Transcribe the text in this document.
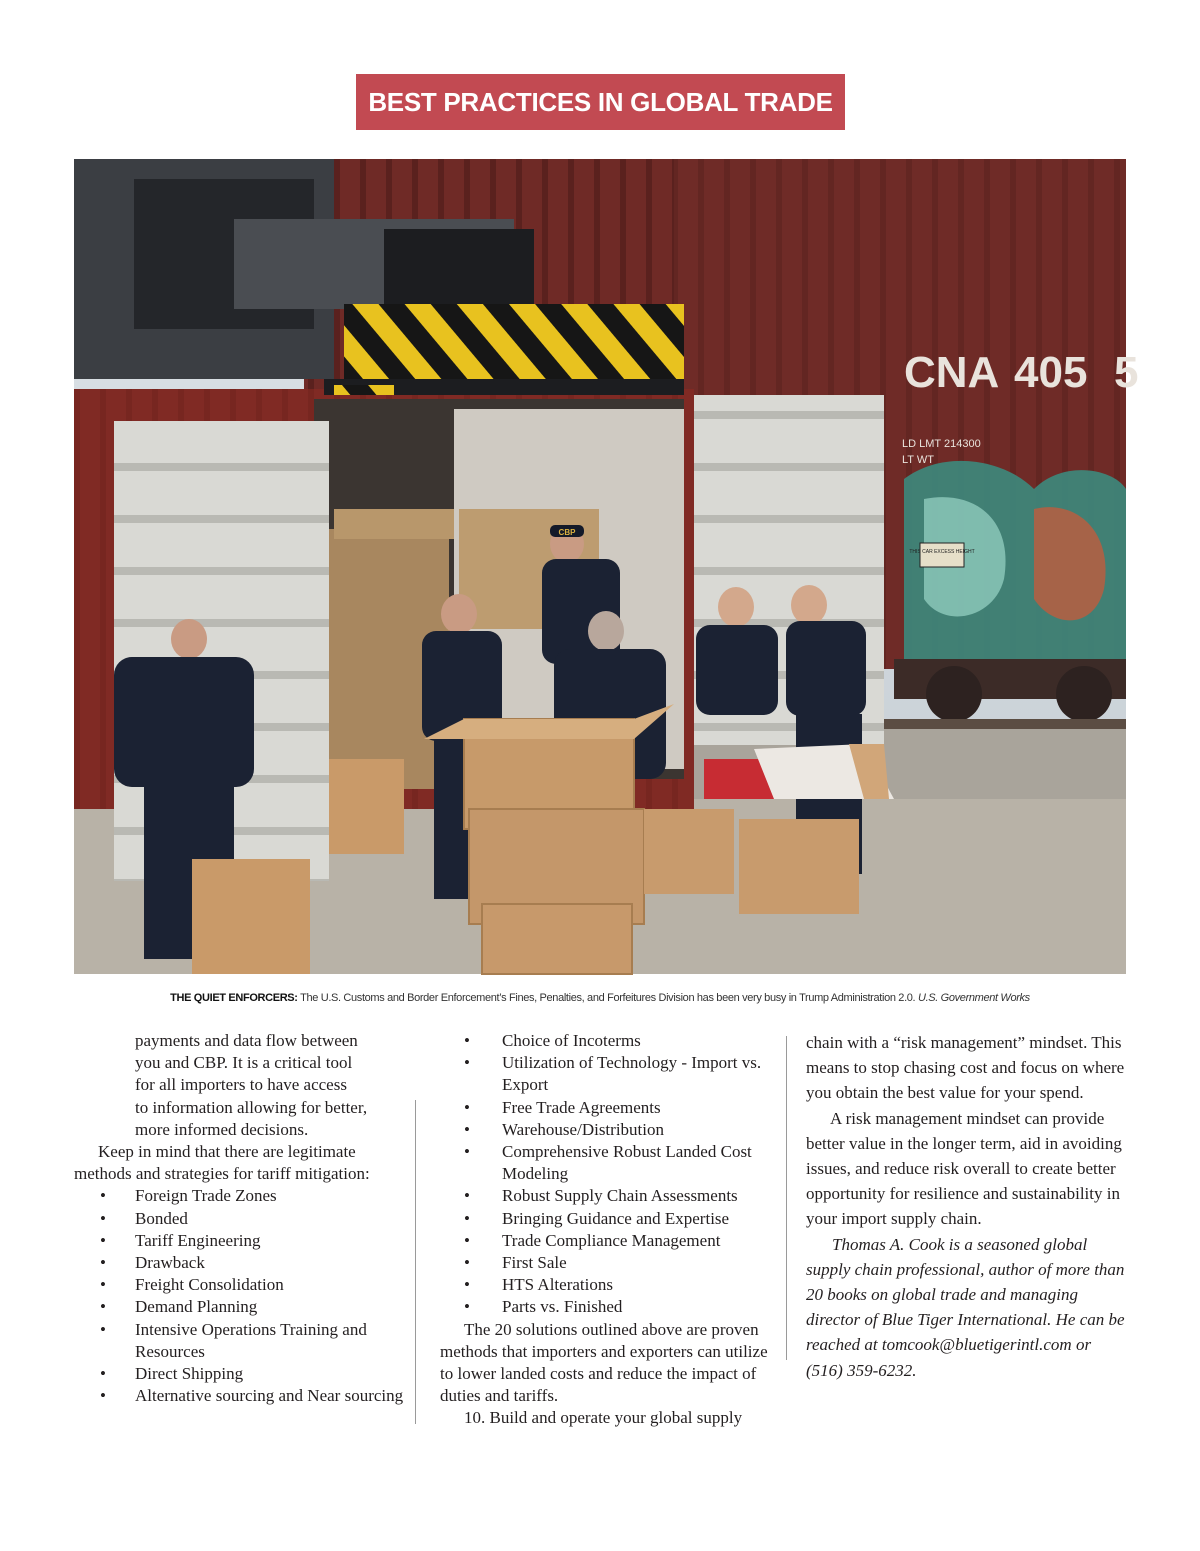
BEST PRACTICES IN GLOBAL TRADE
CNA 405 5
LD LMT 214300
LT WT
THIS CAR EXCESS HEIGHT
CBP
THE QUIET ENFORCERS: The U.S. Customs and Border Enforcement’s Fines, Penalties, and Forfeitures Division has been very busy in Trump Administration 2.0. U.S. Government Works
payments and data flow between
you and CBP. It is a critical tool
for all importers to have access
to information allowing for better,
more informed decisions.

Keep in mind that there are legitimate methods and strategies for tariff mitigation:

• Foreign Trade Zones
• Bonded
• Tariff Engineering
• Drawback
• Freight Consolidation
• Demand Planning
• Intensive Operations Training and Resources
• Direct Shipping
• Alternative sourcing and Near sourcing
• Choice of Incoterms
• Utilization of Technology - Import vs. Export
• Free Trade Agreements
• Warehouse/Distribution
• Comprehensive Robust Landed Cost Modeling
• Robust Supply Chain Assessments
• Bringing Guidance and Expertise
• Trade Compliance Management
• First Sale
• HTS Alterations
• Parts vs. Finished

The 20 solutions outlined above are proven methods that importers and exporters can utilize to lower landed costs and reduce the impact of duties and tariffs.

10. Build and operate your global supply

chain with a “risk management” mindset. This means to stop chasing cost and focus on where you obtain the best value for your spend.

A risk management mindset can provide better value in the longer term, aid in avoiding issues, and reduce risk overall to create better opportunity for resilience and sustainability in your import supply chain.

Thomas A. Cook is a seasoned global supply chain professional, author of more than 20 books on global trade and managing director of Blue Tiger International. He can be reached at tomcook@bluetigerintl.com or (516) 359-6232.
